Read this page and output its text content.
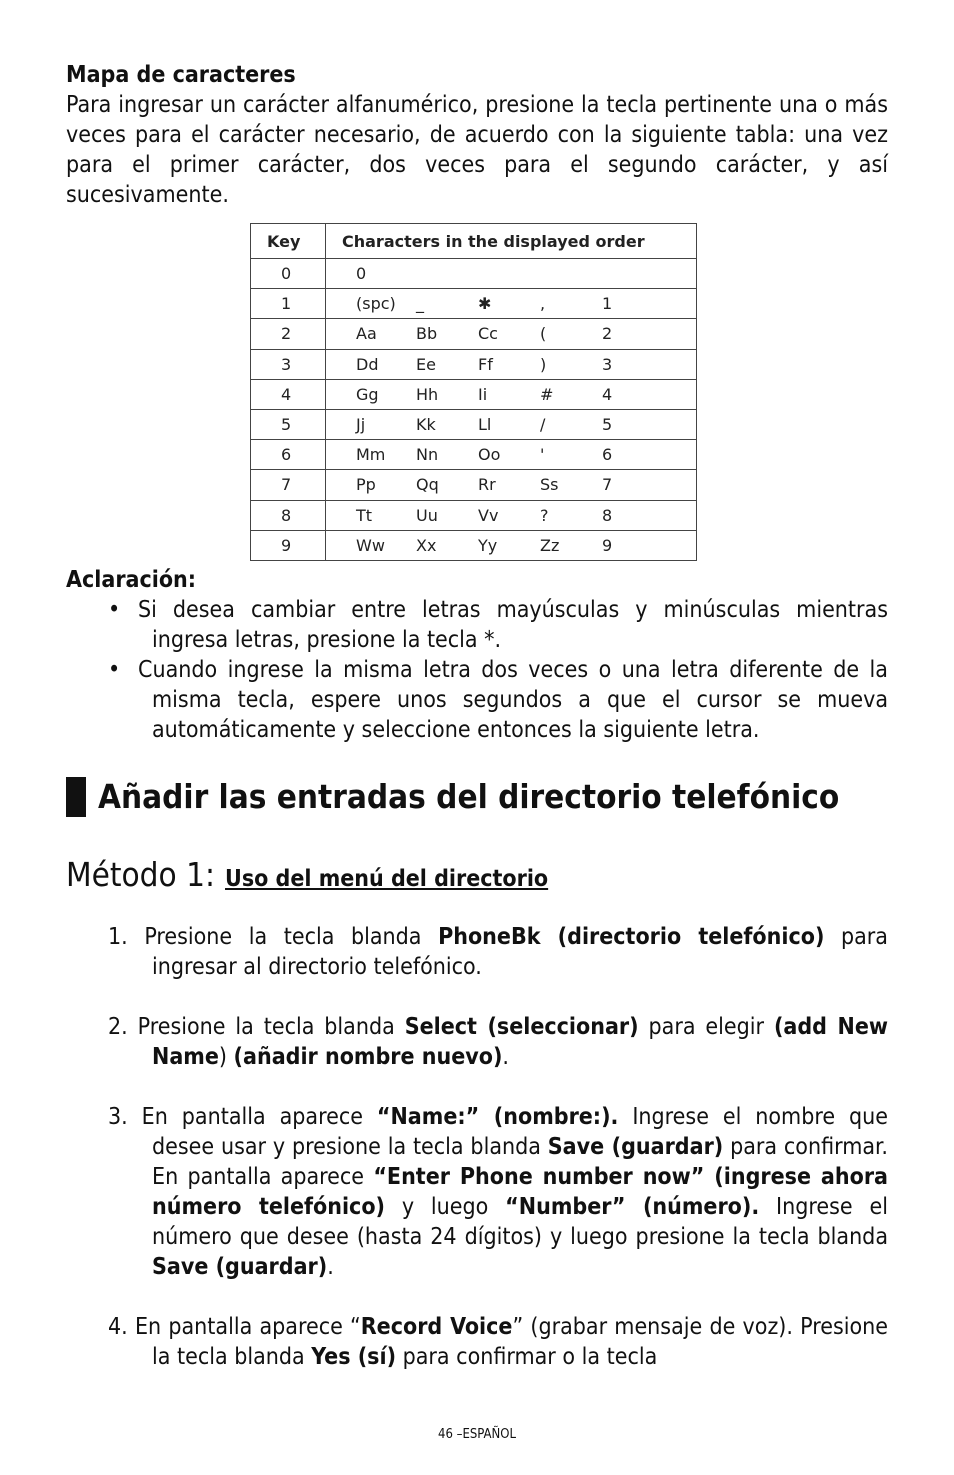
Mapa de caracteres

Para ingresar un carácter alfanumérico, presione la tecla pertinente una o más veces para el carácter necesario, de acuerdo con la siguiente tabla: una vez para el primer carácter, dos veces para el segundo carácter, y así sucesivamente.

Key	Characters in the displayed order
0	0

1	(spc) _ ✱ , 1

2	Aa Bb Cc ( 2

3	Dd Ee Ff ) 3

4	Gg Hh Ii # 4

5	Jj Kk Ll / 5

6	Mm Nn Oo ' 6

7	Pp Qq Rr Ss 7

8	Tt Uu Vv ? 8

9	Ww Xx Yy Zz 9
Aclaración:
• Si desea cambiar entre letras mayúsculas y minúsculas mientras ingresa letras, presione la tecla *.
• Cuando ingrese la misma letra dos veces o una letra diferente de la misma tecla, espere unos segundos a que el cursor se mueva automáticamente y seleccione entonces la siguiente letra.
Añadir las entradas del directorio telefónico
Método 1: Uso del menú del directorio
1. Presione la tecla blanda PhoneBk (directorio telefónico) para ingresar al directorio telefónico.
2. Presione la tecla blanda Select (seleccionar) para elegir (add New Name) (añadir nombre nuevo).
3. En pantalla aparece “Name:” (nombre:). Ingrese el nombre que desee usar y presione la tecla blanda Save (guardar) para confirmar. En pantalla aparece “Enter Phone number now” (ingrese ahora número telefónico) y luego “Number” (número). Ingrese el número que desee (hasta 24 dígitos) y luego presione la tecla blanda Save (guardar).
4. En pantalla aparece “Record Voice” (grabar mensaje de voz). Presione la tecla blanda Yes (sí) para confirmar o la tecla
46 –ESPAÑOL
